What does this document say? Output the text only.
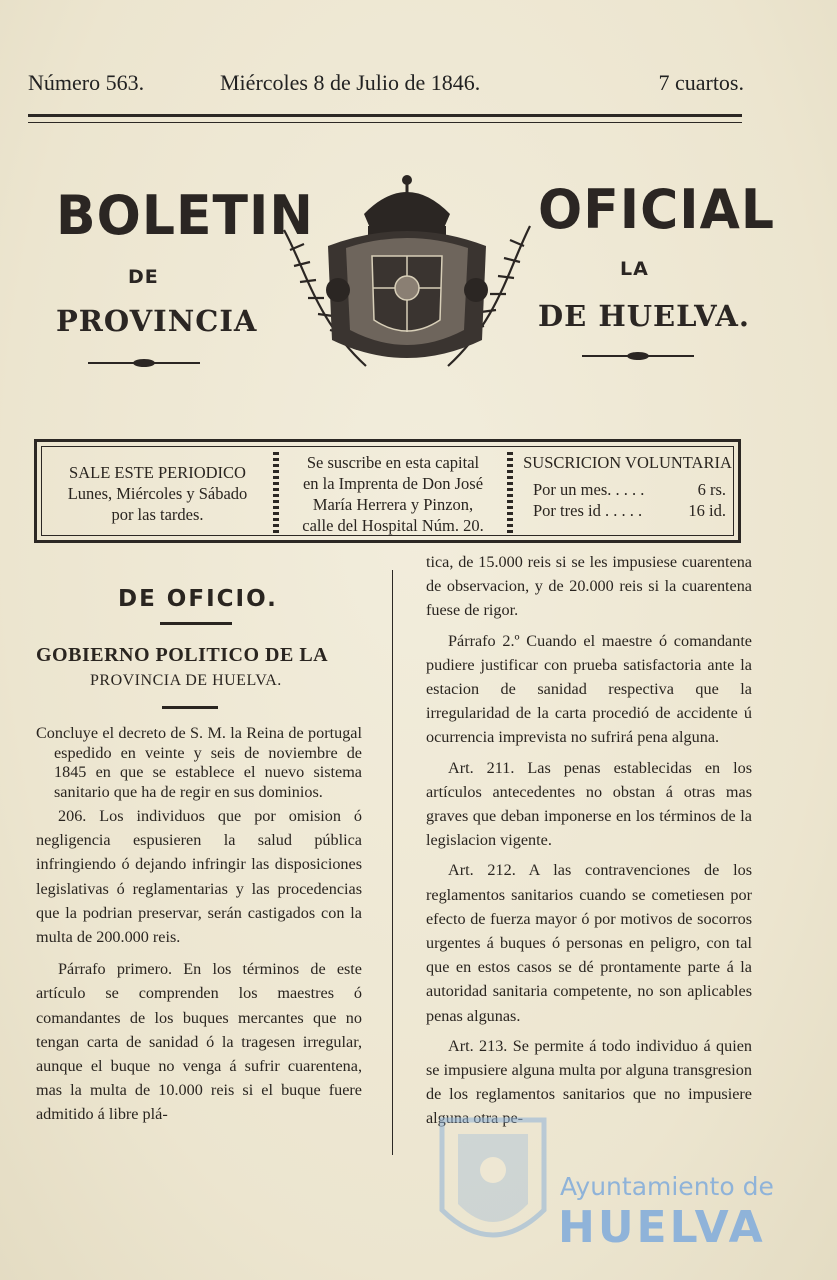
Número 563.	Miércoles 8 de Julio de 1846.	7 cuartos.
BOLETIN	OFICIAL
DE	LA
PROVINCIA	DE HUELVA.
SALE ESTE PERIODICO
Lunes, Miércoles y Sábado
por las tardes.
Se suscribe en esta capital
en la Imprenta de Don José
María Herrera y Pinzon,
calle del Hospital Núm. 20.
SUSCRICION VOLUNTARIA
Por un mes. . . . .	6 rs.
Por tres id . . . . .	16 id.
DE OFICIO.
GOBIERNO POLITICO DE LA
PROVINCIA DE HUELVA.

Concluye el decreto de S. M. la Reina de portugal espedido en veinte y seis de noviembre de 1845 en que se establece el nuevo sistema sanitario que ha de regir en sus dominios.

206. Los individuos que por omision ó negligencia espusieren la salud pública infringiendo ó dejando infringir las disposiciones legislativas ó reglamentarias y las procedencias que la podrian preservar, serán castigados con la multa de 200.000 reis.

Párrafo primero. En los términos de este artículo se comprenden los maestres ó comandantes de los buques mercantes que no tengan carta de sanidad ó la tragesen irregular, aunque el buque no venga á sufrir cuarentena, mas la multa de 10.000 reis si el buque fuere admitido á libre plá-

tica, de 15.000 reis si se les impusiese cuarentena de observacion, y de 20.000 reis si la cuarentena fuese de rigor.

Párrafo 2.º Cuando el maestre ó comandante pudiere justificar con prueba satisfactoria ante la estacion de sanidad respectiva que la irregularidad de la carta procedió de accidente ú ocurrencia imprevista no sufrirá pena alguna.

Art. 211. Las penas establecidas en los artículos antecedentes no obstan á otras mas graves que deban imponerse en los términos de la legislacion vigente.

Art. 212. A las contravenciones de los reglamentos sanitarios cuando se cometiesen por efecto de fuerza mayor ó por motivos de socorros urgentes á buques ó personas en peligro, con tal que en estos casos se dé prontamente parte á la autoridad sanitaria competente, no son aplicables penas algunas.

Art. 213. Se permite á todo individuo á quien se impusiere alguna multa por alguna transgresion de los reglamentos sanitarios que no impusiere alguna otra pe-

Ayuntamiento de
HUELVA
